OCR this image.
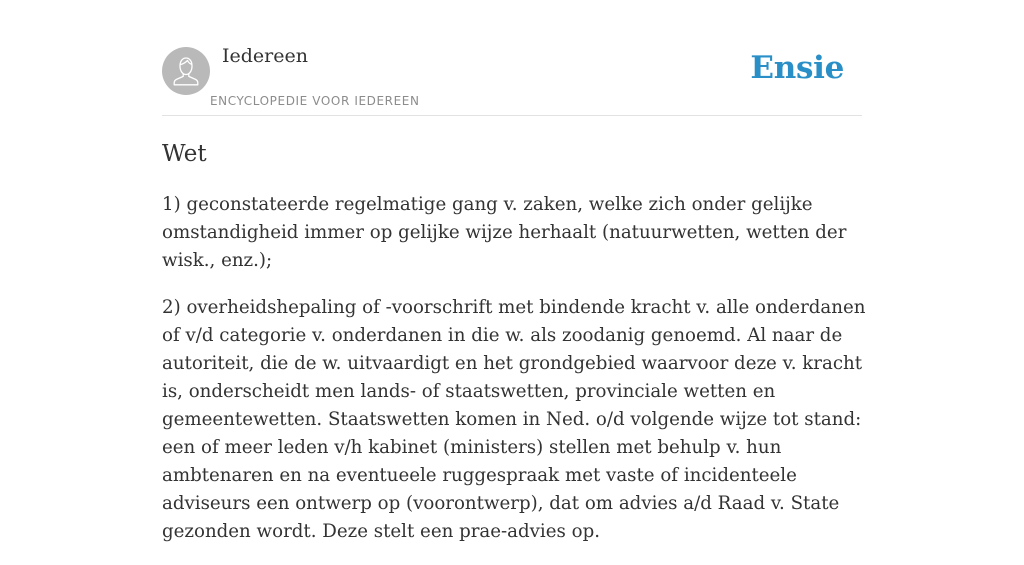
Iedereen
ENCYCLOPEDIE VOOR IEDEREEN
Ensie
Wet

1) geconstateerde regelmatige gang v. zaken, welke zich onder gelijke omstandigheid immer op gelijke wijze herhaalt (natuurwetten, wetten der wisk., enz.);

2) overheidshepaling of -voorschrift met bindende kracht v. alle onderdanen of v/d categorie v. onderdanen in die w. als zoodanig genoemd. Al naar de autoriteit, die de w. uitvaardigt en het grondgebied waarvoor deze v. kracht is, onderscheidt men lands- of staatswetten, provinciale wetten en gemeentewetten. Staatswetten komen in Ned. o/d volgende wijze tot stand: een of meer leden v/h kabinet (ministers) stellen met behulp v. hun ambtenaren en na eventueele ruggespraak met vaste of incidenteele adviseurs een ontwerp op (voorontwerp), dat om advies a/d Raad v. State gezonden wordt. Deze stelt een prae-advies op.
